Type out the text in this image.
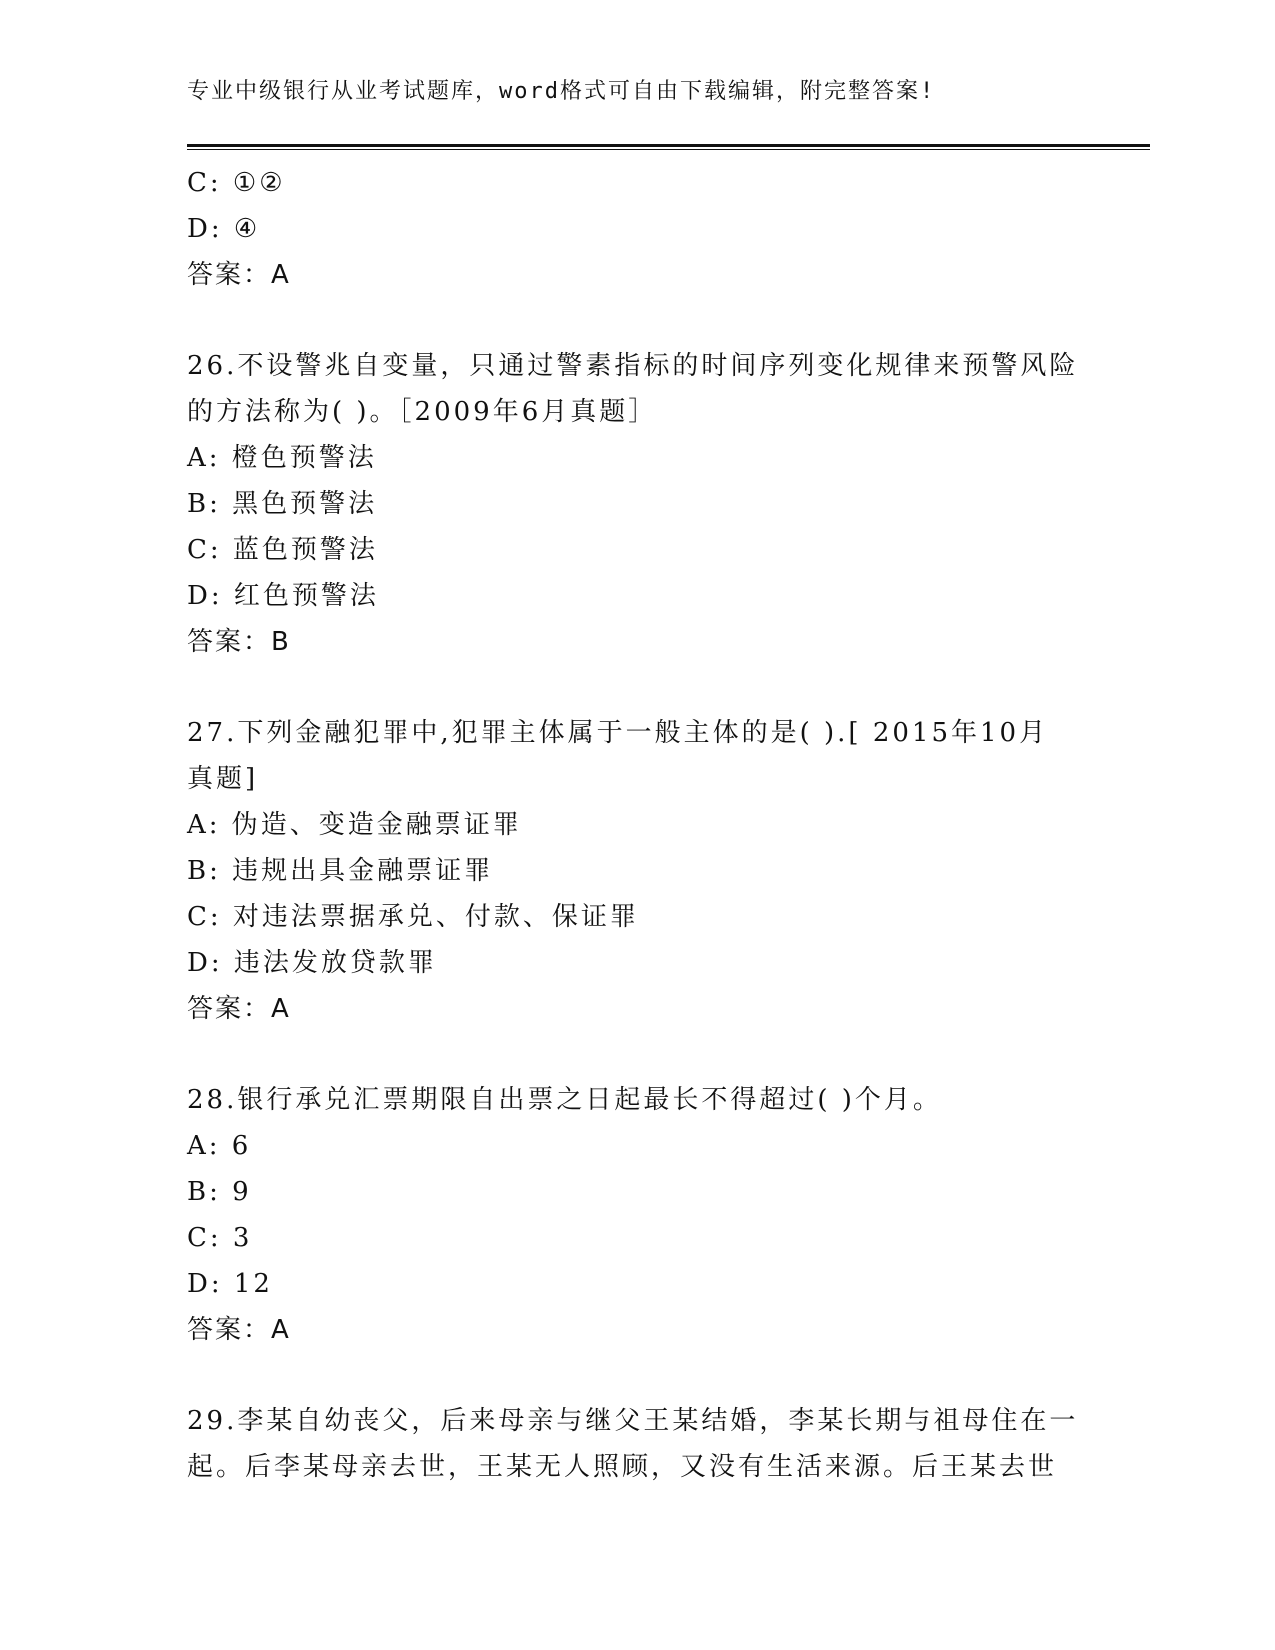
专业中级银行从业考试题库，word格式可自由下载编辑，附完整答案!
C: ①②
D: ④
答案：A
26.不设警兆自变量，只通过警素指标的时间序列变化规律来预警风险
的方法称为( )。［2009年6月真题］
A: 橙色预警法
B: 黑色预警法
C: 蓝色预警法
D: 红色预警法
答案：B
27.下列金融犯罪中,犯罪主体属于一般主体的是( ).[ 2015年10月
真题]
A: 伪造、变造金融票证罪
B: 违规出具金融票证罪
C: 对违法票据承兑、付款、保证罪
D: 违法发放贷款罪
答案：A
28.银行承兑汇票期限自出票之日起最长不得超过( )个月。
A: 6
B: 9
C: 3
D: 12
答案：A
29.李某自幼丧父，后来母亲与继父王某结婚，李某长期与祖母住在一
起。后李某母亲去世，王某无人照顾，又没有生活来源。后王某去世
